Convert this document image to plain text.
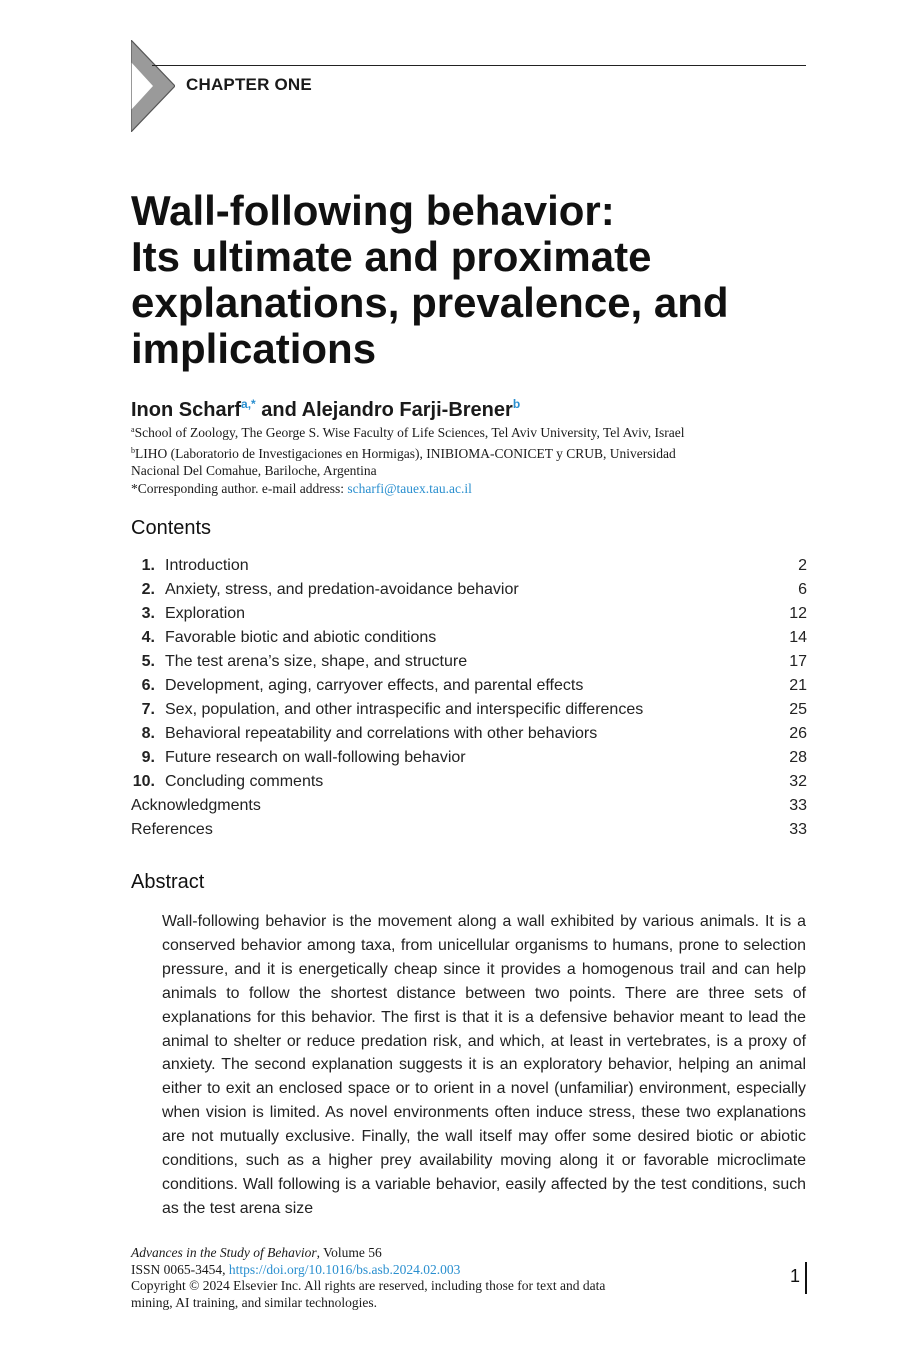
CHAPTER ONE
Wall-following behavior:
Its ultimate and proximate
explanations, prevalence, and
implications
Inon Scharf$^{a,*}$ and Alejandro Farji-Brener$^b$
$^a$School of Zoology, The George S. Wise Faculty of Life Sciences, Tel Aviv University, Tel Aviv, Israel
$^b$LIHO (Laboratorio de Investigaciones en Hormigas), INIBIOMA-CONICET y CRUB, Universidad
Nacional Del Comahue, Bariloche, Argentina
*Corresponding author. e-mail address: scharfi@tauex.tau.ac.il
Contents
1. Introduction	2
2. Anxiety, stress, and predation-avoidance behavior	6
3. Exploration	12
4. Favorable biotic and abiotic conditions	14
5. The test arena’s size, shape, and structure	17
6. Development, aging, carryover effects, and parental effects	21
7. Sex, population, and other intraspecific and interspecific differences	25
8. Behavioral repeatability and correlations with other behaviors	26
9. Future research on wall-following behavior	28
10. Concluding comments	32
Acknowledgments	33
References	33
Abstract

Wall-following behavior is the movement along a wall exhibited by various animals. It is a conserved behavior among taxa, from unicellular organisms to humans, prone to selection pressure, and it is energetically cheap since it provides a homogenous trail and can help animals to follow the shortest distance between two points. There are three sets of explanations for this behavior. The first is that it is a defensive behavior meant to lead the animal to shelter or reduce predation risk, and which, at least in vertebrates, is a proxy of anxiety. The second explanation suggests it is an exploratory behavior, helping an animal either to exit an enclosed space or to orient in a novel (unfamiliar) environment, especially when vision is limited. As novel environments often induce stress, these two explanations are not mutually exclusive. Finally, the wall itself may offer some desired biotic or abiotic conditions, such as a higher prey availability moving along it or favorable microclimate conditions. Wall following is a variable behavior, easily affected by the test conditions, such as the test arena size

Advances in the Study of Behavior, Volume 56
ISSN 0065-3454, https://doi.org/10.1016/bs.asb.2024.02.003
Copyright © 2024 Elsevier Inc. All rights are reserved, including those for text and data
mining, AI training, and similar technologies.
1
